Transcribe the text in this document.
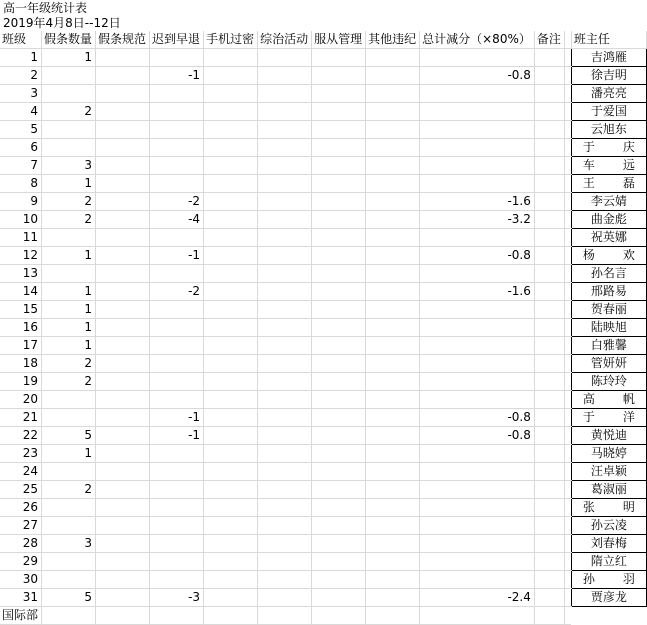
高一年级统计表
2019年4月8日--12日
班级	假条数量	假条规范	迟到早退	手机过密	综治活动	服从管理	其他违纪	总计减分（×80%）	备注		班主任
1	1										吉鸿雁
2			-1					-0.8			徐吉明
3											潘亮亮
4	2										于爱国
5											云旭东
6											于　庆
7	3										车　远
8	1										王　磊
9	2		-2					-1.6			李云婧
10	2		-4					-3.2			曲金彪
11											祝英娜
12	1		-1					-0.8			杨　欢
13											孙名言
14	1		-2					-1.6			邢路易
15	1										贺春丽
16	1										陆映旭
17	1										白雅馨
18	2										管妍妍
19	2										陈玲玲
20											高　帆
21			-1					-0.8			于　洋
22	5		-1					-0.8			黄悦迪
23	1										马晓婷
24											汪卓颖
25	2										葛淑丽
26											张　明
27											孙云凌
28	3										刘春梅
29											隋立红
30											孙　羽
31	5		-3					-2.4			贾彦龙
国际部											
